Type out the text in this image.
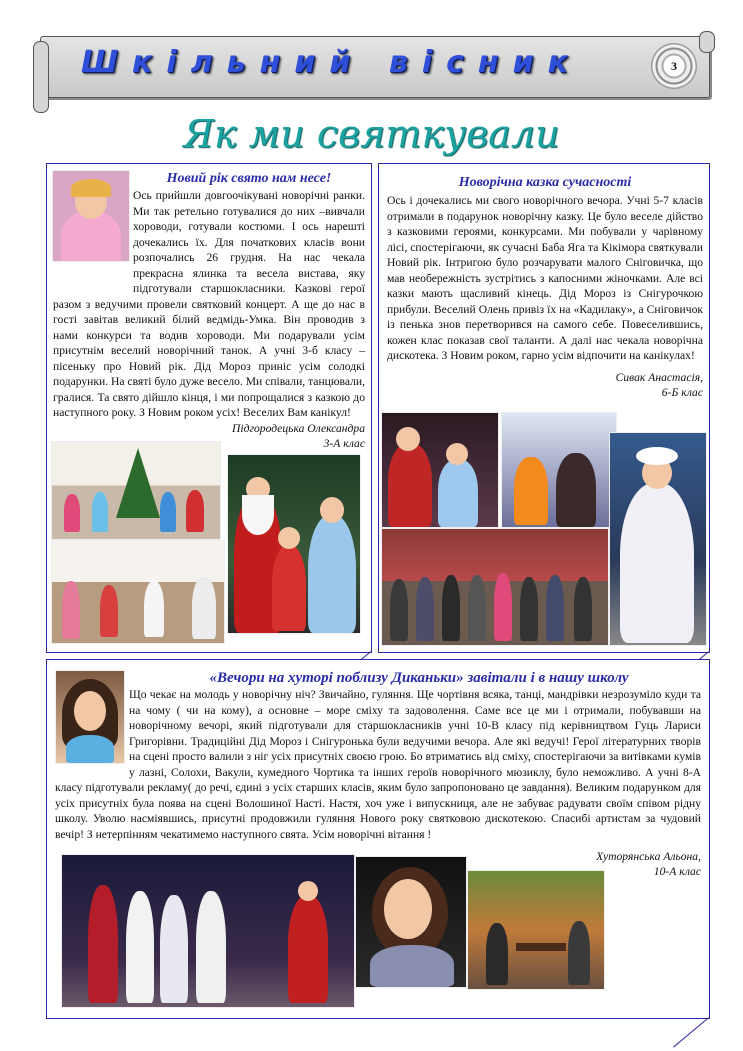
Шкільний вісник	3
Як ми святкували
Новий рік свято нам несе!

Ось прийшли довгоочікувані новорічні ранки. Ми так ретельно готувалися до них –вивчали хороводи, готували костюми. І ось нарешті дочекались їх. Для початкових класів вони розпочались 26 грудня. На нас чекала прекрасна ялинка та весела вистава, яку підготували старшокласники. Казкові герої разом з ведучими провели святковий концерт. А ще до нас в гості завітав великий білий ведмідь-Умка. Він проводив з нами конкурси та водив хороводи. Ми подарували усім присутнім веселий новорічний танок. А учні 3-б класу – пісеньку про Новий рік. Дід Мороз приніс усім солодкі подарунки. На святі було дуже весело. Ми співали, танцювали, гралися. Та свято дійшло кінця, і ми попрощалися з казкою до наступного року. З Новим роком усіх! Веселих Вам канікул!

Підгородецька Олександра
3-А клас
Новорічна казка сучасності

Ось і дочекались ми свого новорічного вечора. Учні 5-7 класів отримали в подарунок новорічну казку. Це було веселе дійство з казковими героями, конкурсами. Ми побували у чарівному лісі, спостерігаючи, як сучасні Баба Яга та Кікімора святкували Новий рік. Інтригою було розчарувати малого Сніговичка, що мав необережність зустрітись з капосними жіночками. Але всі казки мають щасливий кінець. Дід Мороз із Снігурочкою прибули. Веселий Олень привіз їх на «Кадилаку», а Сніговичок із пенька знов перетворився на самого себе. Повеселившись, кожен клас показав свої таланти. А далі нас чекала новорічна дискотека. З Новим роком, гарно усім відпочити на канікулах!

Сивак Анастасія,
6-Б клас
«Вечори на хуторі поблизу Диканьки» завітали і в нашу школу

Що чекає на молодь у новорічну ніч? Звичайно, гуляння. Ще чортівня всяка, танці, мандрівки незрозуміло куди та на чому ( чи на кому), а основне – море сміху та задоволення. Саме все це ми і отримали, побувавши на новорічному вечорі, який підготували для старшокласників учні 10-В класу під керівництвом Гуць Лариси Григорівни. Традиційні Дід Мороз і Снігуронька були ведучими вечора. Але які ведучі! Герої літературних творів на сцені просто валили з ніг усіх присутніх своєю грою. Бо втриматись від сміху, спостерігаючи за витівками кумів у лазні, Солохи, Вакули, кумедного Чортика та інших героїв новорічного мюзиклу, було неможливо. А учні 8-А класу підготували рекламу( до речі, єдині з усіх старших класів, яким було запропоновано це завдання). Великим подарунком для усіх присутніх була поява на сцені Волошиної Насті. Настя, хоч уже і випускниця, але не забуває радувати своїм співом рідну школу. Уволю насміявшись, присутні продовжили гуляння Нового року святковою дискотекою. Спасибі артистам за чудовий вечір! З нетерпінням чекатимемо наступного свята. Усім новорічні вітання !

Хуторянська Альона,
10-А клас
